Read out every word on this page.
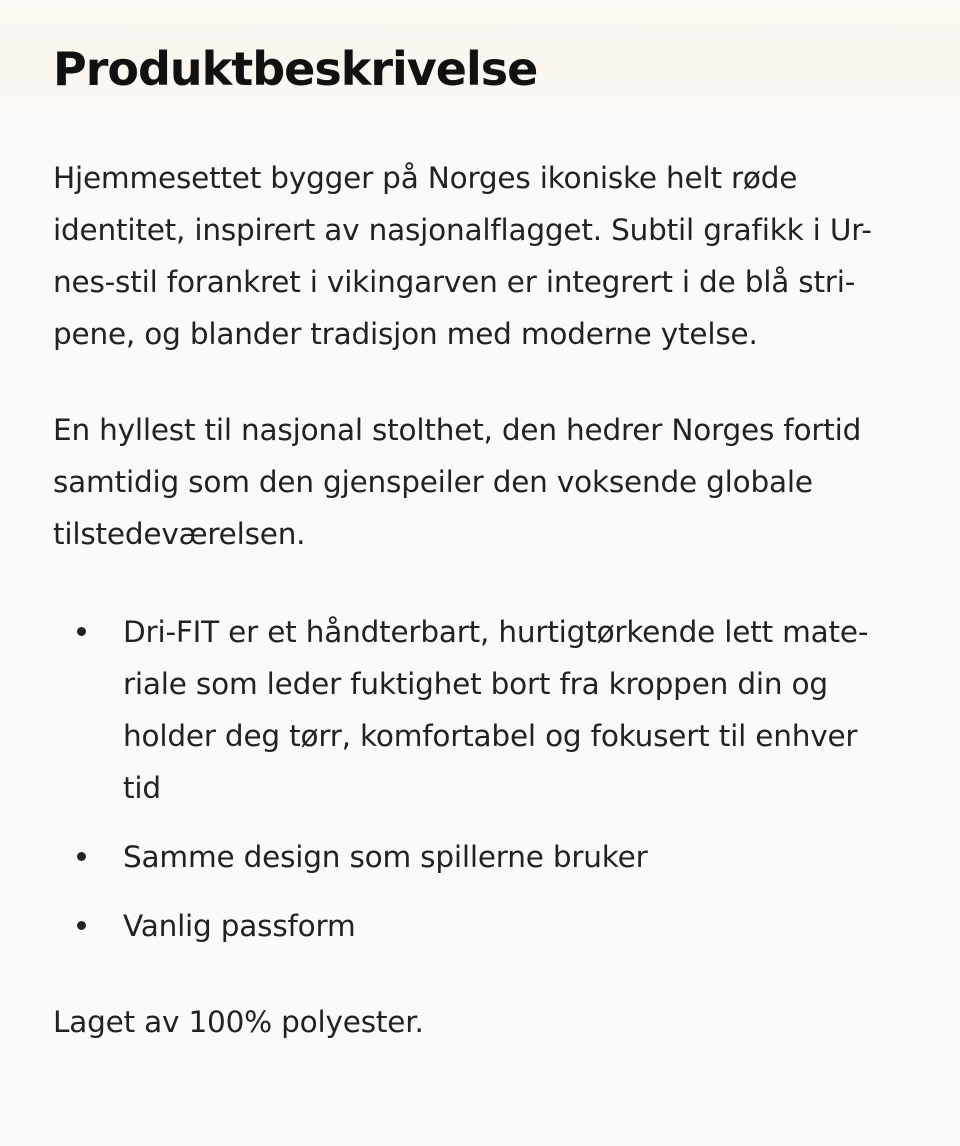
Produktbeskrivelse

Hjemmesettet bygger på Norges ikoniske helt røde
identitet, inspirert av nasjonalflagget. Subtil grafikk i Ur-
nes-stil forankret i vikingarven er integrert i de blå stri-
pene, og blander tradisjon med moderne ytelse.

En hyllest til nasjonal stolthet, den hedrer Norges fortid
samtidig som den gjenspeiler den voksende globale
tilstedeværelsen.

Dri-FIT er et håndterbart, hurtigtørkende lett mate-
riale som leder fuktighet bort fra kroppen din og
holder deg tørr, komfortabel og fokusert til enhver
tid
Samme design som spillerne bruker
Vanlig passform

Laget av 100% polyester.
